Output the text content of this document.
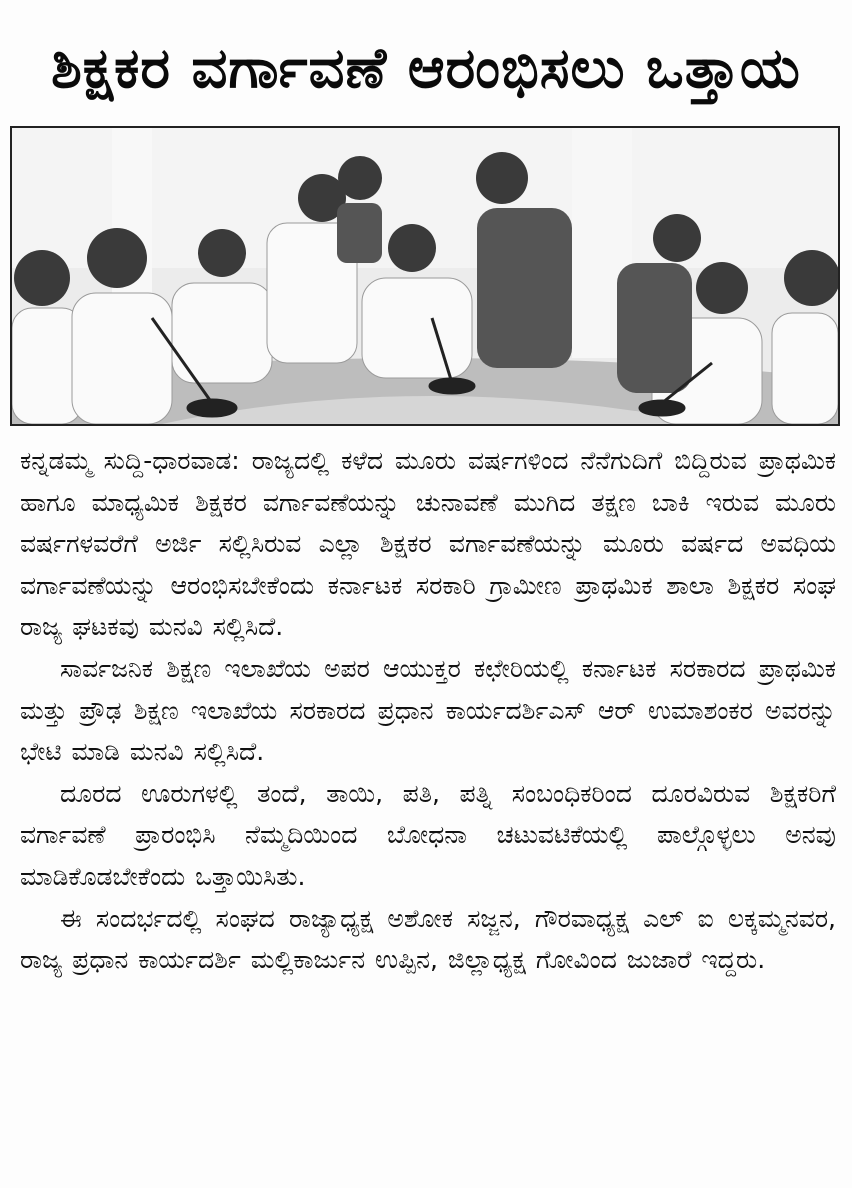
ಶಿಕ್ಷಕರ ವರ್ಗಾವಣೆ ಆರಂಭಿಸಲು ಒತ್ತಾಯ

ಕನ್ನಡಮ್ಮ ಸುದ್ದಿ-ಧಾರವಾಡ: ರಾಜ್ಯದಲ್ಲಿ ಕಳೆದ ಮೂರು ವರ್ಷಗಳಿಂದ ನೆನೆಗುದಿಗೆ ಬಿದ್ದಿರುವ ಪ್ರಾಥಮಿಕ ಹಾಗೂ ಮಾಧ್ಯಮಿಕ ಶಿಕ್ಷಕರ ವರ್ಗಾವಣೆಯನ್ನು ಚುನಾವಣೆ ಮುಗಿದ ತಕ್ಷಣ ಬಾಕಿ ಇರುವ ಮೂರು ವರ್ಷಗಳವರೆಗೆ ಅರ್ಜಿ ಸಲ್ಲಿಸಿರುವ ಎಲ್ಲಾ ಶಿಕ್ಷಕರ ವರ್ಗಾವಣೆಯನ್ನು ಮೂರು ವರ್ಷದ ಅವಧಿಯ ವರ್ಗಾವಣೆಯನ್ನು ಆರಂಭಿಸಬೇಕೆಂದು ಕರ್ನಾಟಕ ಸರಕಾರಿ ಗ್ರಾಮೀಣ ಪ್ರಾಥಮಿಕ ಶಾಲಾ ಶಿಕ್ಷಕರ ಸಂಘ ರಾಜ್ಯ ಘಟಕವು ಮನವಿ ಸಲ್ಲಿಸಿದೆ.

ಸಾರ್ವಜನಿಕ ಶಿಕ್ಷಣ ಇಲಾಖೆಯ ಅಪರ ಆಯುಕ್ತರ ಕಛೇರಿಯಲ್ಲಿ ಕರ್ನಾಟಕ ಸರಕಾರದ ಪ್ರಾಥಮಿಕ ಮತ್ತು ಪ್ರೌಢ ಶಿಕ್ಷಣ ಇಲಾಖೆಯ ಸರಕಾರದ ಪ್ರಧಾನ ಕಾರ್ಯದರ್ಶಿಎಸ್ ಆರ್ ಉಮಾಶಂಕರ ಅವರನ್ನು ಭೇಟಿ ಮಾಡಿ ಮನವಿ ಸಲ್ಲಿಸಿದೆ.

ದೂರದ ಊರುಗಳಲ್ಲಿ ತಂದೆ, ತಾಯಿ, ಪತಿ, ಪತ್ನಿ ಸಂಬಂಧಿಕರಿಂದ ದೂರವಿರುವ ಶಿಕ್ಷಕರಿಗೆ ವರ್ಗಾವಣೆ ಪ್ರಾರಂಭಿಸಿ ನೆಮ್ಮದಿಯಿಂದ ಬೋಧನಾ ಚಟುವಟಿಕೆಯಲ್ಲಿ ಪಾಲ್ಗೊಳ್ಳಲು ಅನವು ಮಾಡಿಕೊಡಬೇಕೆಂದು ಒತ್ತಾಯಿಸಿತು.

ಈ ಸಂದರ್ಭದಲ್ಲಿ ಸಂಘದ ರಾಜ್ಯಾಧ್ಯಕ್ಷ ಅಶೋಕ ಸಜ್ಜನ, ಗೌರವಾಧ್ಯಕ್ಷ ಎಲ್ ಐ ಲಕ್ಕಮ್ಮನವರ, ರಾಜ್ಯ ಪ್ರಧಾನ ಕಾರ್ಯದರ್ಶಿ ಮಲ್ಲಿಕಾರ್ಜುನ ಉಪ್ಪಿನ, ಜಿಲ್ಲಾಧ್ಯಕ್ಷ ಗೋವಿಂದ ಜುಜಾರೆ ಇದ್ದರು.
